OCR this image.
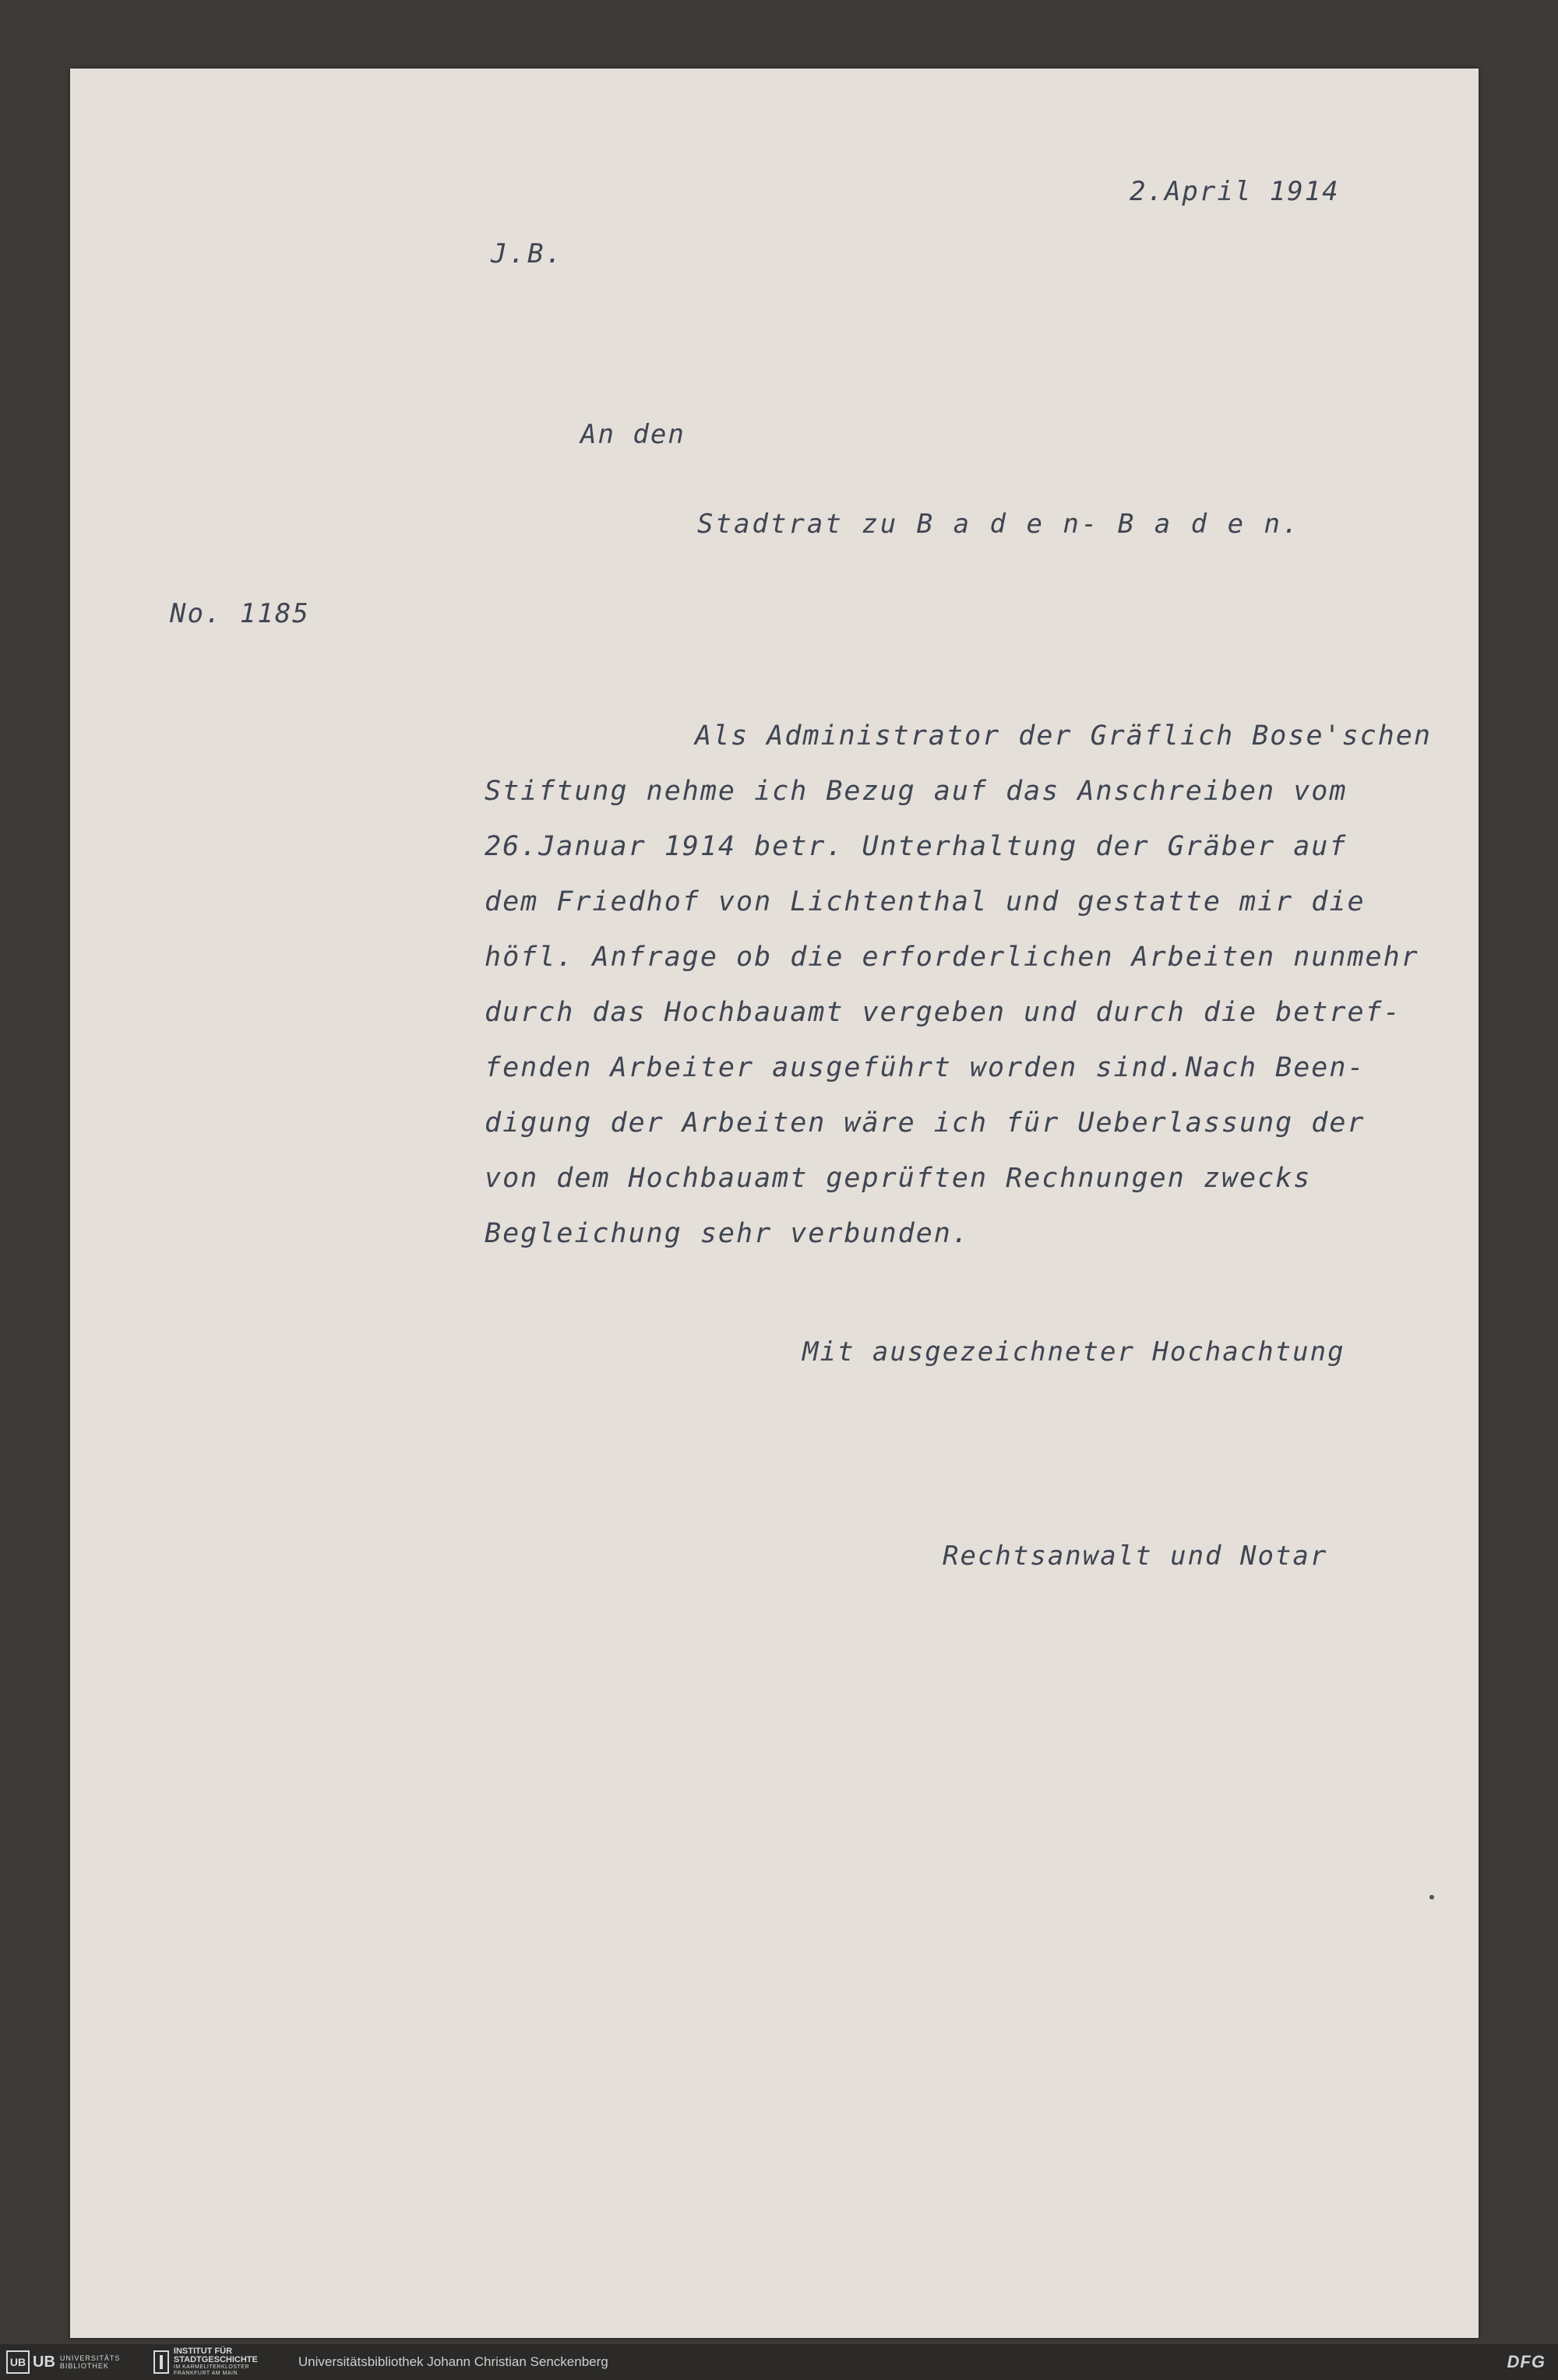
2.April 1914
J.B.
An den
Stadtrat zu B a d e n- B a d e n.
No. 1185
Als Administrator der Gräflich Bose'schen
Stiftung nehme ich Bezug auf das Anschreiben vom
26.Januar 1914 betr. Unterhaltung der Gräber auf
dem Friedhof von Lichtenthal und gestatte mir die
höfl. Anfrage ob die erforderlichen Arbeiten nunmehr
durch das Hochbauamt vergeben und durch die betref-
fenden Arbeiter ausgeführt worden sind.Nach Been-
digung der Arbeiten wäre ich für Ueberlassung der
von dem Hochbauamt geprüften Rechnungen zwecks
Begleichung sehr verbunden.
Mit ausgezeichneter Hochachtung
Rechtsanwalt und Notar
UB UB UNIVERSITÄTS BIBLIOTHEK
INSTITUT FÜR STADTGESCHICHTE
IM KARMELITERKLOSTER FRANKFURT AM MAIN
Universitätsbibliothek Johann Christian Senckenberg	DFG
